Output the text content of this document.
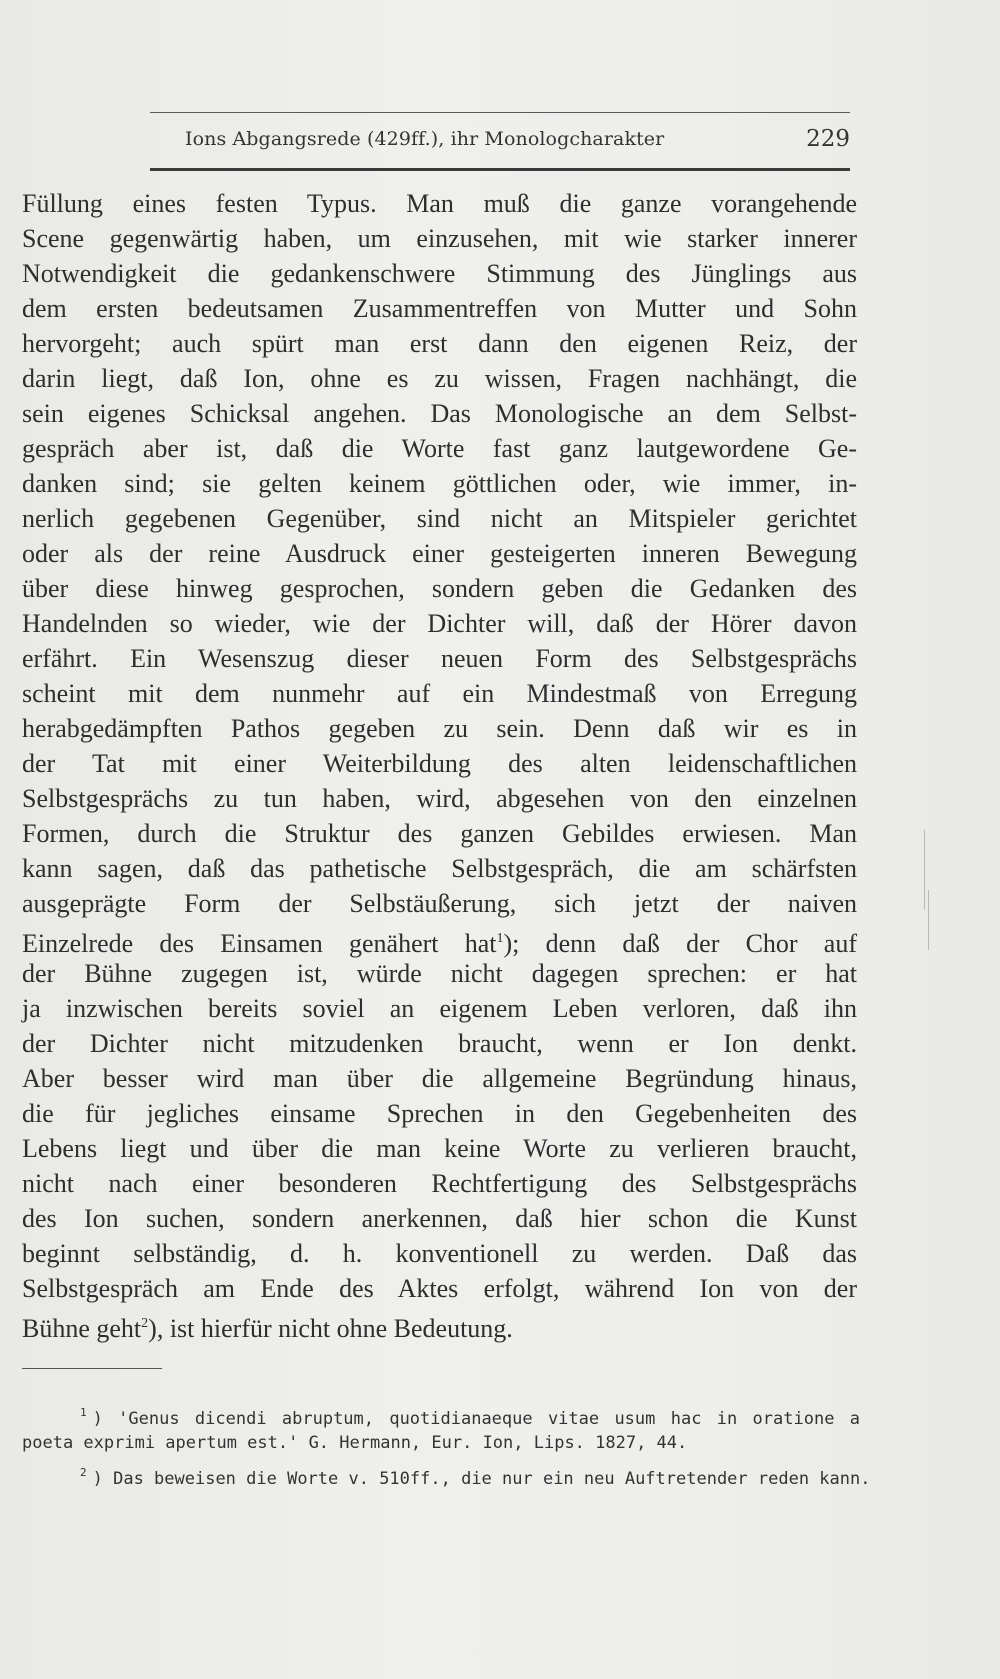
Ions Abgangsrede (429ff.), ihr Monologcharakter	229
Füllung eines festen Typus. Man muß die ganze vorangehende
Scene gegenwärtig haben, um einzusehen, mit wie starker innerer
Notwendigkeit die gedankenschwere Stimmung des Jünglings aus
dem ersten bedeutsamen Zusammentreffen von Mutter und Sohn
hervorgeht; auch spürt man erst dann den eigenen Reiz, der
darin liegt, daß Ion, ohne es zu wissen, Fragen nachhängt, die
sein eigenes Schicksal angehen. Das Monologische an dem Selbst-
gespräch aber ist, daß die Worte fast ganz lautgewordene Ge-
danken sind; sie gelten keinem göttlichen oder, wie immer, in-
nerlich gegebenen Gegenüber, sind nicht an Mitspieler gerichtet
oder als der reine Ausdruck einer gesteigerten inneren Bewegung
über diese hinweg gesprochen, sondern geben die Gedanken des
Handelnden so wieder, wie der Dichter will, daß der Hörer davon
erfährt. Ein Wesenszug dieser neuen Form des Selbstgesprächs
scheint mit dem nunmehr auf ein Mindestmaß von Erregung
herabgedämpften Pathos gegeben zu sein. Denn daß wir es in
der Tat mit einer Weiterbildung des alten leidenschaftlichen
Selbstgesprächs zu tun haben, wird, abgesehen von den einzelnen
Formen, durch die Struktur des ganzen Gebildes erwiesen. Man
kann sagen, daß das pathetische Selbstgespräch, die am schärfsten
ausgeprägte Form der Selbstäußerung, sich jetzt der naiven
Einzelrede des Einsamen genähert hat$^1$); denn daß der Chor auf
der Bühne zugegen ist, würde nicht dagegen sprechen: er hat
ja inzwischen bereits soviel an eigenem Leben verloren, daß ihn
der Dichter nicht mitzudenken braucht, wenn er Ion denkt.
Aber besser wird man über die allgemeine Begründung hinaus,
die für jegliches einsame Sprechen in den Gegebenheiten des
Lebens liegt und über die man keine Worte zu verlieren braucht,
nicht nach einer besonderen Rechtfertigung des Selbstgesprächs
des Ion suchen, sondern anerkennen, daß hier schon die Kunst
beginnt selbständig, d. h. konventionell zu werden. Daß das
Selbstgespräch am Ende des Aktes erfolgt, während Ion von der
Bühne geht$^2$), ist hierfür nicht ohne Bedeutung.
$^1$ ) 'Genus dicendi abruptum, quotidianaeque vitae usum hac in oratione a
poeta exprimi apertum est.' G. Hermann, Eur. Ion, Lips. 1827, 44.
$^2$ ) Das beweisen die Worte v. 510ff., die nur ein neu Auftretender reden kann.
